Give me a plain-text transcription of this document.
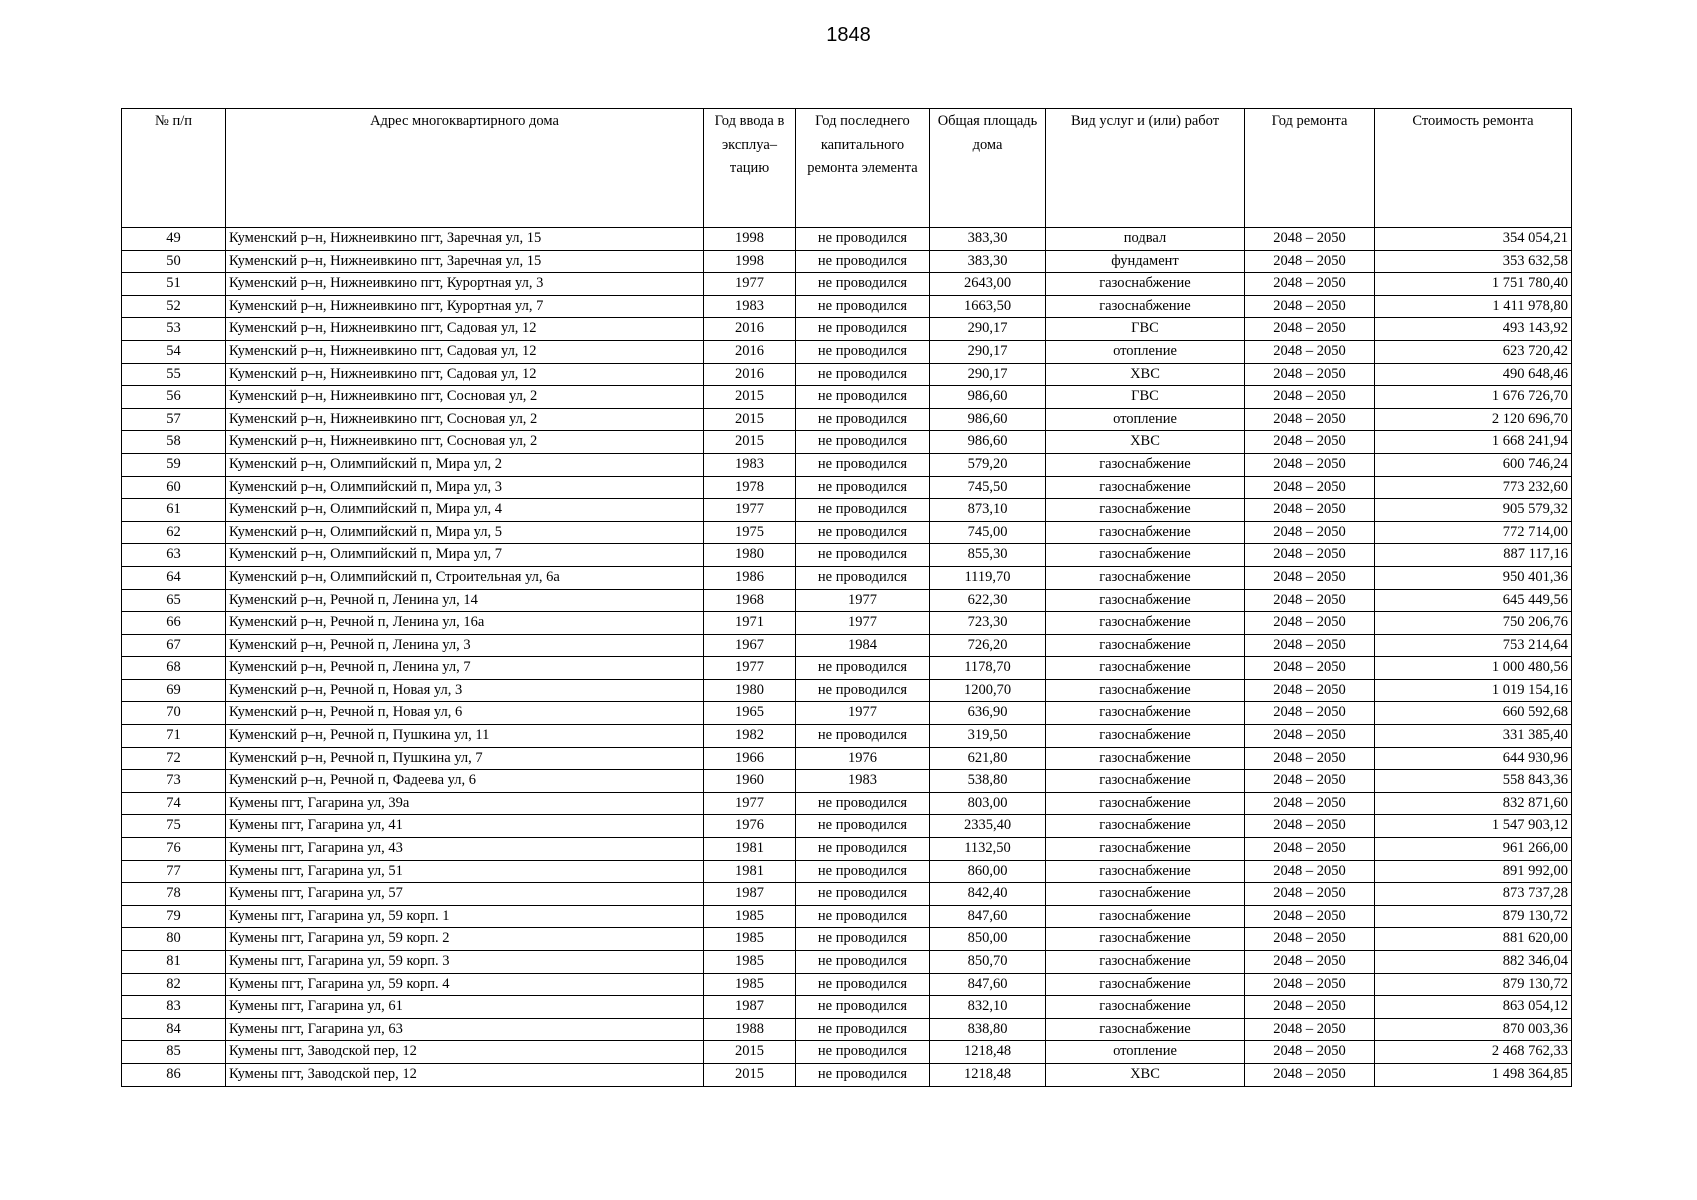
1848
№ п/п	Адрес многоквартирного дома	Год ввода в эксплуа– тацию	Год последнего капитального ремонта элемента	Общая площадь дома	Вид услуг и (или) работ	Год ремонта	Стоимость ремонта
49	Куменский р–н, Нижнеивкино пгт, Заречная ул, 15	1998	не проводился	383,30	подвал	2048 – 2050	354 054,21
50	Куменский р–н, Нижнеивкино пгт, Заречная ул, 15	1998	не проводился	383,30	фундамент	2048 – 2050	353 632,58
51	Куменский р–н, Нижнеивкино пгт, Курортная ул, 3	1977	не проводился	2643,00	газоснабжение	2048 – 2050	1 751 780,40
52	Куменский р–н, Нижнеивкино пгт, Курортная ул, 7	1983	не проводился	1663,50	газоснабжение	2048 – 2050	1 411 978,80
53	Куменский р–н, Нижнеивкино пгт, Садовая ул, 12	2016	не проводился	290,17	ГВС	2048 – 2050	493 143,92
54	Куменский р–н, Нижнеивкино пгт, Садовая ул, 12	2016	не проводился	290,17	отопление	2048 – 2050	623 720,42
55	Куменский р–н, Нижнеивкино пгт, Садовая ул, 12	2016	не проводился	290,17	ХВС	2048 – 2050	490 648,46
56	Куменский р–н, Нижнеивкино пгт, Сосновая ул, 2	2015	не проводился	986,60	ГВС	2048 – 2050	1 676 726,70
57	Куменский р–н, Нижнеивкино пгт, Сосновая ул, 2	2015	не проводился	986,60	отопление	2048 – 2050	2 120 696,70
58	Куменский р–н, Нижнеивкино пгт, Сосновая ул, 2	2015	не проводился	986,60	ХВС	2048 – 2050	1 668 241,94
59	Куменский р–н, Олимпийский п, Мира ул, 2	1983	не проводился	579,20	газоснабжение	2048 – 2050	600 746,24
60	Куменский р–н, Олимпийский п, Мира ул, 3	1978	не проводился	745,50	газоснабжение	2048 – 2050	773 232,60
61	Куменский р–н, Олимпийский п, Мира ул, 4	1977	не проводился	873,10	газоснабжение	2048 – 2050	905 579,32
62	Куменский р–н, Олимпийский п, Мира ул, 5	1975	не проводился	745,00	газоснабжение	2048 – 2050	772 714,00
63	Куменский р–н, Олимпийский п, Мира ул, 7	1980	не проводился	855,30	газоснабжение	2048 – 2050	887 117,16
64	Куменский р–н, Олимпийский п, Строительная ул, 6а	1986	не проводился	1119,70	газоснабжение	2048 – 2050	950 401,36
65	Куменский р–н, Речной п, Ленина ул, 14	1968	1977	622,30	газоснабжение	2048 – 2050	645 449,56
66	Куменский р–н, Речной п, Ленина ул, 16а	1971	1977	723,30	газоснабжение	2048 – 2050	750 206,76
67	Куменский р–н, Речной п, Ленина ул, 3	1967	1984	726,20	газоснабжение	2048 – 2050	753 214,64
68	Куменский р–н, Речной п, Ленина ул, 7	1977	не проводился	1178,70	газоснабжение	2048 – 2050	1 000 480,56
69	Куменский р–н, Речной п, Новая ул, 3	1980	не проводился	1200,70	газоснабжение	2048 – 2050	1 019 154,16
70	Куменский р–н, Речной п, Новая ул, 6	1965	1977	636,90	газоснабжение	2048 – 2050	660 592,68
71	Куменский р–н, Речной п, Пушкина ул, 11	1982	не проводился	319,50	газоснабжение	2048 – 2050	331 385,40
72	Куменский р–н, Речной п, Пушкина ул, 7	1966	1976	621,80	газоснабжение	2048 – 2050	644 930,96
73	Куменский р–н, Речной п, Фадеева ул, 6	1960	1983	538,80	газоснабжение	2048 – 2050	558 843,36
74	Кумены пгт, Гагарина ул, 39а	1977	не проводился	803,00	газоснабжение	2048 – 2050	832 871,60
75	Кумены пгт, Гагарина ул, 41	1976	не проводился	2335,40	газоснабжение	2048 – 2050	1 547 903,12
76	Кумены пгт, Гагарина ул, 43	1981	не проводился	1132,50	газоснабжение	2048 – 2050	961 266,00
77	Кумены пгт, Гагарина ул, 51	1981	не проводился	860,00	газоснабжение	2048 – 2050	891 992,00
78	Кумены пгт, Гагарина ул, 57	1987	не проводился	842,40	газоснабжение	2048 – 2050	873 737,28
79	Кумены пгт, Гагарина ул, 59 корп. 1	1985	не проводился	847,60	газоснабжение	2048 – 2050	879 130,72
80	Кумены пгт, Гагарина ул, 59 корп. 2	1985	не проводился	850,00	газоснабжение	2048 – 2050	881 620,00
81	Кумены пгт, Гагарина ул, 59 корп. 3	1985	не проводился	850,70	газоснабжение	2048 – 2050	882 346,04
82	Кумены пгт, Гагарина ул, 59 корп. 4	1985	не проводился	847,60	газоснабжение	2048 – 2050	879 130,72
83	Кумены пгт, Гагарина ул, 61	1987	не проводился	832,10	газоснабжение	2048 – 2050	863 054,12
84	Кумены пгт, Гагарина ул, 63	1988	не проводился	838,80	газоснабжение	2048 – 2050	870 003,36
85	Кумены пгт, Заводской пер, 12	2015	не проводился	1218,48	отопление	2048 – 2050	2 468 762,33
86	Кумены пгт, Заводской пер, 12	2015	не проводился	1218,48	ХВС	2048 – 2050	1 498 364,85
